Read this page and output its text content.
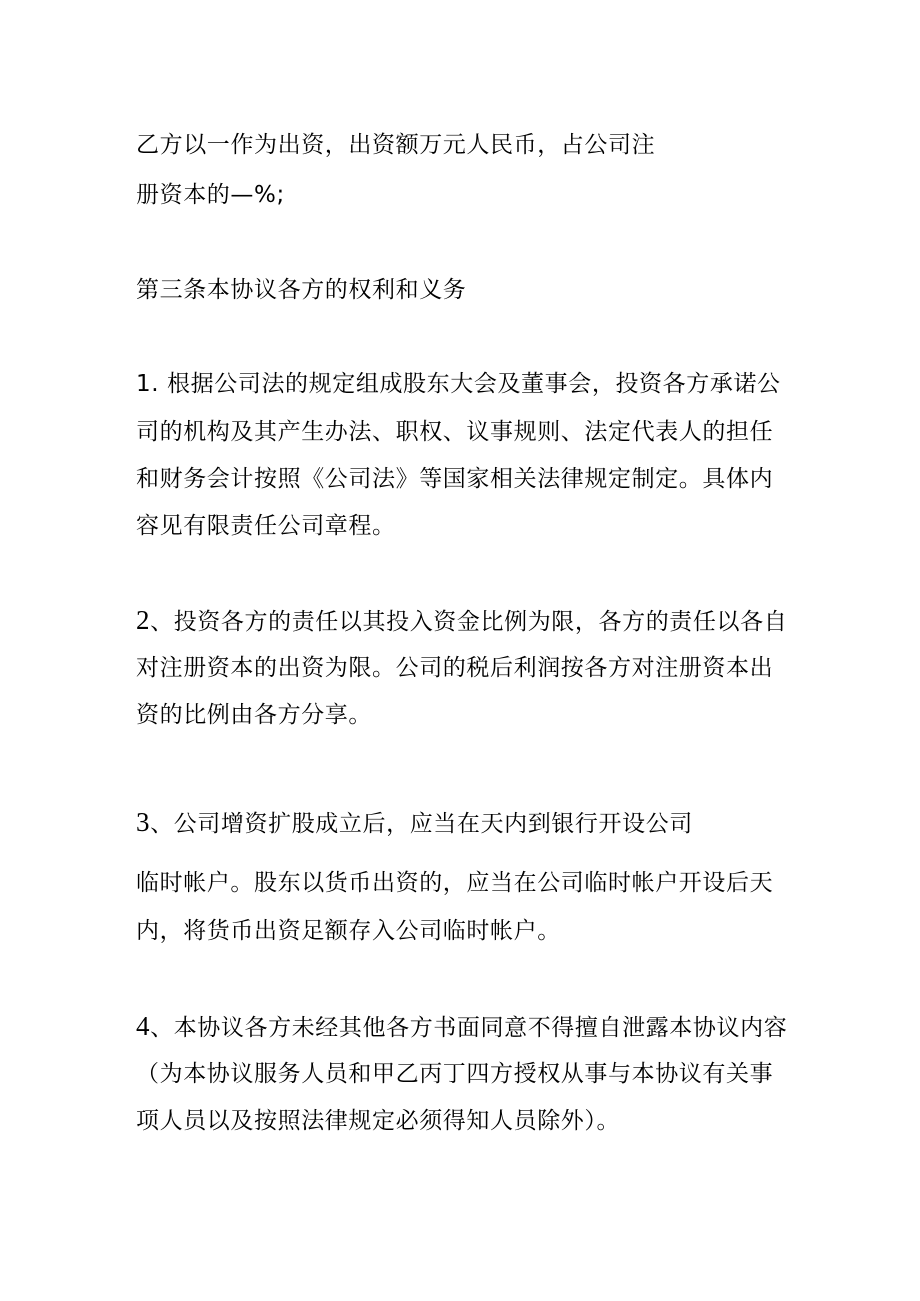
乙方以一作为出资，出资额万元人民币，占公司注
册资本的—%;
第三条本协议各方的权利和义务
1. 根据公司法的规定组成股东大会及董事会，投资各方承诺公
司的机构及其产生办法、职权、议事规则、法定代表人的担任
和财务会计按照《公司法》等国家相关法律规定制定。具体内
容见有限责任公司章程。
2、投资各方的责任以其投入资金比例为限，各方的责任以各自
对注册资本的出资为限。公司的税后利润按各方对注册资本出
资的比例由各方分享。
3、公司增资扩股成立后，应当在天内到银行开设公司
临时帐户。股东以货币出资的，应当在公司临时帐户开设后天
内，将货币出资足额存入公司临时帐户。
4、本协议各方未经其他各方书面同意不得擅自泄露本协议内容
（为本协议服务人员和甲乙丙丁四方授权从事与本协议有关事
项人员以及按照法律规定必须得知人员除外）。
